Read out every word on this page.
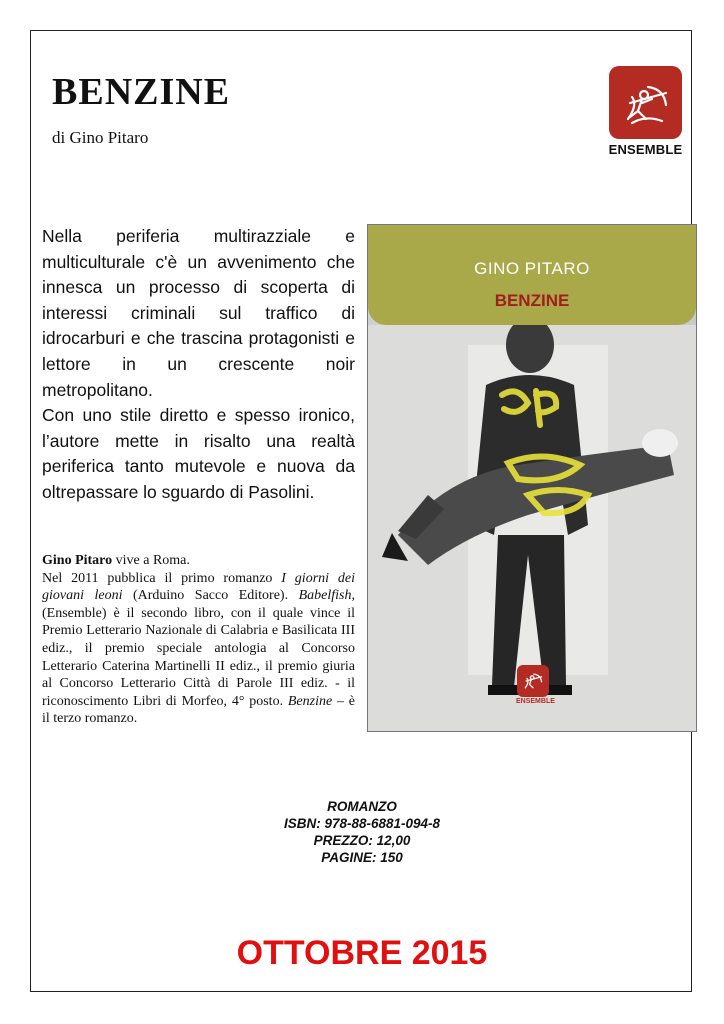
BENZINE
di Gino Pitaro
ENSEMBLE

Nella periferia multirazziale e multiculturale c'è un avvenimento che innesca un processo di scoperta di interessi criminali sul traffico di idrocarburi e che trascina protagonisti e lettore in un crescente noir metropolitano.

Con uno stile diretto e spesso ironico, l’autore mette in risalto una realtà periferica tanto mutevole e nuova da oltrepassare lo sguardo di Pasolini.

Gino Pitaro vive a Roma.

Nel 2011 pubblica il primo romanzo I giorni dei giovani leoni (Arduino Sacco Editore). Babelfish, (Ensemble) è il secondo libro, con il quale vince il Premio Letterario Nazionale di Calabria e Basilicata III ediz., il premio speciale antologia al Concorso Letterario Caterina Martinelli II ediz., il premio giuria al Concorso Letterario Città di Parole III ediz. - il riconoscimento Libri di Morfeo, 4° posto. Benzine – è il terzo romanzo.

GINO PITARO
BENZINE
ENSEMBLE
ROMANZO
ISBN: 978-88-6881-094-8
PREZZO: 12,00
PAGINE: 150
OTTOBRE 2015
